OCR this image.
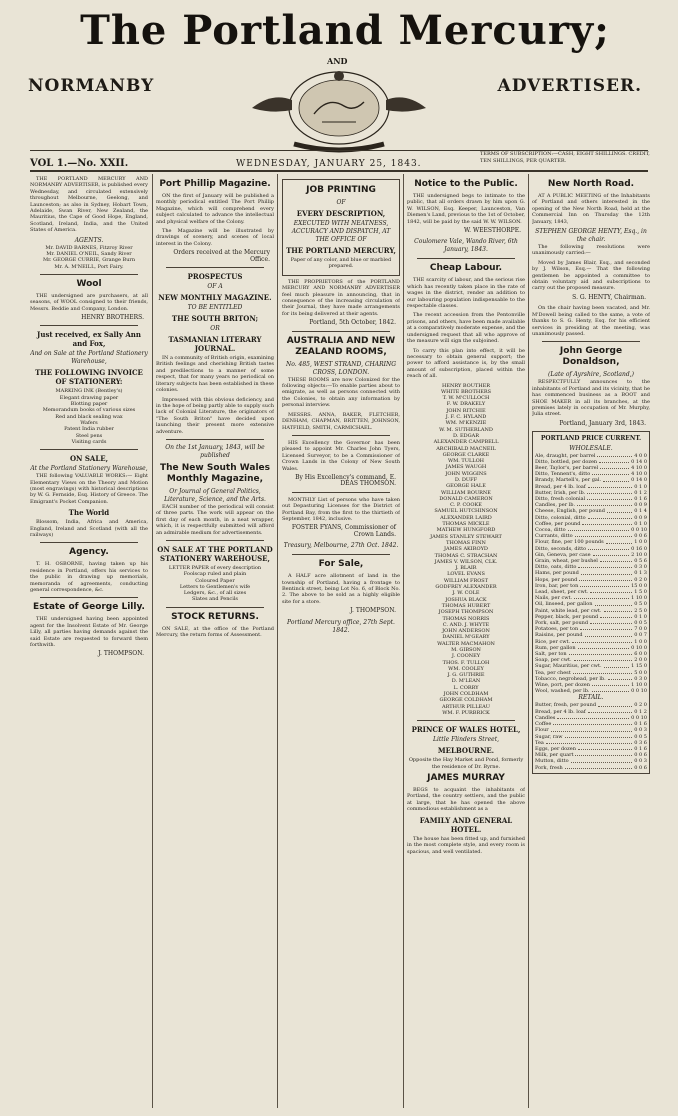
The Portland Mercury;
AND
NORMANBY	ADVERTISER.
VOL 1.—No. XXII.	WEDNESDAY, JANUARY 25, 1843.
TERMS OF SUBSCRIPTION:—CASH, EIGHT SHILLINGS. CREDIT, TEN SHILLINGS, PER QUARTER.

THE PORTLAND MERCURY AND NORMANBY ADVERTISER, is published every Wednesday, and circulated extensively throughout Melbourne, Geelong, and Launceston; as also in Sydney, Hobart Town, Adelaide, Swan River, New Zealand, the Mauritius, the Cape of Good Hope, England, Scotland, Ireland, India, and the United States of America.

AGENTS.
Mr. DAVID BARNES, Fitzroy River
Mr. DANIEL O'NEIL, Sandy River
Mr. GEORGE CURRIE, Grange Burn
Mr. A. M'NEILL, Port Fairy.
Wool

THE undersigned are purchasers, at all seasons, of WOOL consigned to their friends, Messrs. Beddie and Company, London.

HENRY BROTHERS.
Just received, ex Sally Ann and Fox,
And on Sale at the Portland Stationery Warehouse,
THE FOLLOWING INVOICE OF STATIONERY:
MARKING INK (Bentley's)
Elegant drawing paper
Blotting paper
Memorandum books of various sizes
Red and black sealing wax
Wafers
Patent India rubber
Steel pens
Visiting cards
ON SALE,
At the Portland Stationery Warehouse,

THE following VALUABLE WORKS:— Eight Elementary Views on the Theory and Motion (most engravings) with historical descriptions by W. G. Fernside, Esq. History of Greece. The Emigrant's Pocket Companion.

The World

Blossom, India, Africa and America, England, Ireland and Scotland (with all the railways)

Agency.

T. H. OSBORNE, having taken up his residence in Portland, offers his services to the public in drawing up memorials, memoranda of agreements, conducting general correspondence, &c.

Estate of George Lilly.

THE undersigned having been appointed agent for the Insolvent Estate of Mr. George Lilly, all parties having demands against the said Estate are requested to forward them forthwith.

J. THOMPSON.
Port Phillip Magazine.

ON the first of January will be published a monthly periodical entitled The Port Phillip Magazine, which will comprehend every subject calculated to advance the intellectual and physical welfare of the Colony.

The Magazine will be illustrated by drawings of scenery, and scenes of local interest in the Colony.

Orders received at the Mercury Office.
PROSPECTUS
OF A
NEW MONTHLY MAGAZINE.
TO BE ENTITLED
THE SOUTH BRITON;
OR
TASMANIAN LITERARY JOURNAL.

IN a community of British origin, examining British feelings and cherishing British tastes and predilections to a manner of some respect, that for many years no periodical on literary subjects has been established in these colonies.

Impressed with this obvious deficiency, and in the hope of being partly able to supply such lack of Colonial Literature, the originators of "The South Briton" have decided upon launching their present more extensive adventure.

On the 1st January, 1843, will be published
The New South Wales Monthly Magazine,
Or Journal of General Politics, Literature, Science, and the Arts.

EACH number of the periodical will consist of three parts. The work will appear on the first day of each month, in a neat wrapper, which, it is respectfully submitted will afford an admirable medium for advertisements.

ON SALE AT THE PORTLAND STATIONERY WAREHOUSE,
LETTER PAPER of every description
Foolscap ruled and plain
Coloured Paper
Letters to Gentlemen's wife
Ledgers, &c., of all sizes
Slates and Pencils
STOCK RETURNS.

ON SALE, at the office of the Portland Mercury, the return forms of Assessment.

JOB PRINTING
OF
EVERY DESCRIPTION,
EXECUTED WITH NEATNESS, ACCURACY AND DISPATCH, AT THE OFFICE OF
THE PORTLAND MERCURY,

Paper of any color, and blue or marbled prepared.

THE PROPRIETORS of the PORTLAND MERCURY AND NORMANBY ADVERTISER feel much pleasure in announcing, that in consequence of the increasing circulation of their Journal, they have made arrangements for its being delivered at their agents.

Portland, 5th October, 1842.
AUSTRALIA AND NEW ZEALAND ROOMS,
No. 485, WEST STRAND, CHARING CROSS, LONDON.

THESE ROOMS are now Colonized for the following objects:—To enable parties about to emigrate, as well as persons connected with the Colonies, to obtain any information by personal interview.

MESSRS. ANNA, BAKER, FLETCHER, DENHAM, CHAPMAN, BRITTEN, JOHNSON, HATFIELD, SMITH, CARMICHAEL.

HIS Excellency the Governor has been pleased to appoint Mr. Charles John Tyers, Licensed Surveyor, to be a Commissioner of Crown Lands in the Colony of New South Wales.

By His Excellency's command, E. DEAS THOMSON.

MONTHLY List of persons who have taken out Depasturing Licenses for the District of Portland Bay, from the first to the thirtieth of September, 1842, inclusive.

FOSTER FYANS, Commissioner of Crown Lands.
Treasury, Melbourne, 27th Oct. 1842.
For Sale,

A HALF acre allotment of land in the township of Portland, having a frontage to Bentinck street, being Lot No. 6, of Block No. 2. The above to be sold as a highly eligible site for a store.

J. THOMPSON.
Portland Mercury office, 27th Sept. 1842.
Notice to the Public.

THE undersigned begs to intimate to the public, that all orders drawn by him upon G. W. WILSON, Esq. Keeper, Launceston, Van Diemen's Land, previous to the 1st of October, 1842, will be paid by the said W. W. WILSON.

W. WEESTHORPE.
Coulomere Vale, Wando River, 6th January, 1843.
Cheap Labour.

THE scarcity of labour, and the serious rise which has recently taken place in the rate of wages in the district, render an addition to our labouring population indispensable to the respectable classes.

The recent accession from the Pentonville prisons, and others, have been made available at a comparatively moderate expense, and the undersigned request that all who approve of the measure will sign the subjoined.

To carry this plan into effect, it will be necessary to obtain general support; the power to afford assistance is, by the small amount of subscription, placed within the reach of all.

HENRY BOUTHER
WHITE BROTHERS
T. W. M'CULLOCH
F. W. DRAKELY
JOHN RITCHIE
J. F. C. HYLAND
WM. M'KENZIE
W. M. SUTHERLAND
D. EDGAR
ALEXANDER CAMPBELL
ARCHIBALD MACNEIL
GEORGE CLARKE
WM. TULLOH
JAMES WAUGH
JOHN WIGGINS
D. DUFF
GEORGE HALE
WILLIAM BOURNE
DONALD CAMERON
C. P. COOKE
SAMUEL HUTCHINSON
ALEXANDER LAIRD
THOMAS MICKLE
MATHEW HUNGFORD
JAMES STANLEY STEWART
THOMAS FINN
JAMES AKIROYD
THOMAS C. STRACHAN
JAMES V. WILSON, CLK.
J. BLAIR
LOVEL EVANS
WILLIAM FROST
GODFREY ALEXANDER
J. W. COLE
JOSHUA BLACK
THOMAS HUBERT
JOSEPH THOMPSON
THOMAS NORRIS
C. AND. J. WHYTE
JOHN ANDERSON
DANIEL M'GEARY
WALTER MACMAHON
M. GIBSON
J. COONEY
THOS. F. TULLOH
WM. COOLEY
J. G. GUTHRIE
D. M'LEAN
L. CORRY
JOHN COLDHAM
GEORGE COLDHAM
ARTHUR PILLEAU
WM. F. PURBRICK
PRINCE OF WALES HOTEL,
Little Flinders Street,
MELBOURNE.

Opposite the Hay Market and Pond, formerly the residence of Dr. Byrne.

JAMES MURRAY

BEGS to acquaint the inhabitants of Portland, the country settlers, and the public at large, that he has opened the above commodious establishment as a

FAMILY AND GENERAL HOTEL.

The house has been fitted up, and furnished in the most complete style, and every room is spacious, and well ventilated.

New North Road.

AT A PUBLIC MEETING of the Inhabitants of Portland and others interested in the opening of the New North Road, held at the Commercial Inn on Thursday the 12th January, 1843,

STEPHEN GEORGE HENTY, Esq., in the chair.

The following resolutions were unanimously carried:—

Moved by James Blair, Esq., and seconded by J. Wilson, Esq.— That the following gentlemen be appointed a committee to obtain voluntary aid and subscriptions to carry out the proposed measure.

S. G. HENTY, Chairman.

On the chair having been vacated, and Mr. M'Dowell being called to the same, a vote of thanks to S. G. Henty, Esq. for his efficient services in presiding at the meeting, was unanimously passed.

John George Donaldson,
(Late of Ayrshire, Scotland,)

RESPECTFULLY announces to the inhabitants of Portland and its vicinity, that he has commenced business as a BOOT and SHOE MAKER in all its branches, at the premises lately in occupation of Mr. Murphy, Julia street.

Portland, January 3rd, 1843.
PORTLAND PRICE CURRENT.
WHOLESALE.
Ale, draught, per barrel	4 0 0
Ditto, bottled, per dozen	0 14 0
Beer, Taylor's, per barrel	4 10 0
Ditto, Tennent's, ditto	4 10 0
Brandy, Martell's, per gal.	0 14 0
Bread, per 4 lb. loaf	0 1 0
Butter, Irish, per lb.	0 1 2
Ditto, fresh colonial	0 1 6
Candles, per lb.	0 0 9
Cheese, English, per pound	0 1 4
Ditto, colonial, ditto	0 0 9
Coffee, per pound	0 1 0
Cocoa, ditto	0 0 10
Currants, ditto	0 0 6
Flour, fine, per 100 pounds	1 0 0
Ditto, seconds, ditto	0 16 0
Gin, Geneva, per case	2 10 0
Grain, wheat, per bushel	0 5 6
Ditto, oats, ditto	0 3 0
Hams, per pound	0 1 3
Hops, per pound	0 2 0
Iron, bar, per ton	15 0 0
Lead, sheet, per cwt.	1 5 0
Nails, per cwt.	1 10 0
Oil, linseed, per gallon	0 5 0
Paint, white lead, per cwt.	2 5 0
Pepper, black, per pound	0 1 0
Pork, salt, per pound	0 0 5
Potatoes, per ton	7 0 0
Raisins, per pound	0 0 7
Rice, per cwt.	1 0 0
Rum, per gallon	0 10 0
Salt, per ton	6 0 0
Soap, per cwt.	2 0 0
Sugar, Mauritius, per cwt.	1 15 0
Tea, per chest	5 0 0
Tobacco, negrohead, per lb.	0 3 0
Wine, port, per dozen	1 10 0
Wool, washed, per lb.	0 0 10
RETAIL.
Butter, fresh, per pound	0 2 0
Bread, per 4 lb. loaf	0 1 2
Candles	0 0 10
Coffee	0 1 6
Flour	0 0 3
Sugar, raw	0 0 5
Tea	0 3 6
Eggs, per dozen	0 1 6
Milk, per quart	0 0 6
Mutton, ditto	0 0 3
Pork, fresh	0 0 6
